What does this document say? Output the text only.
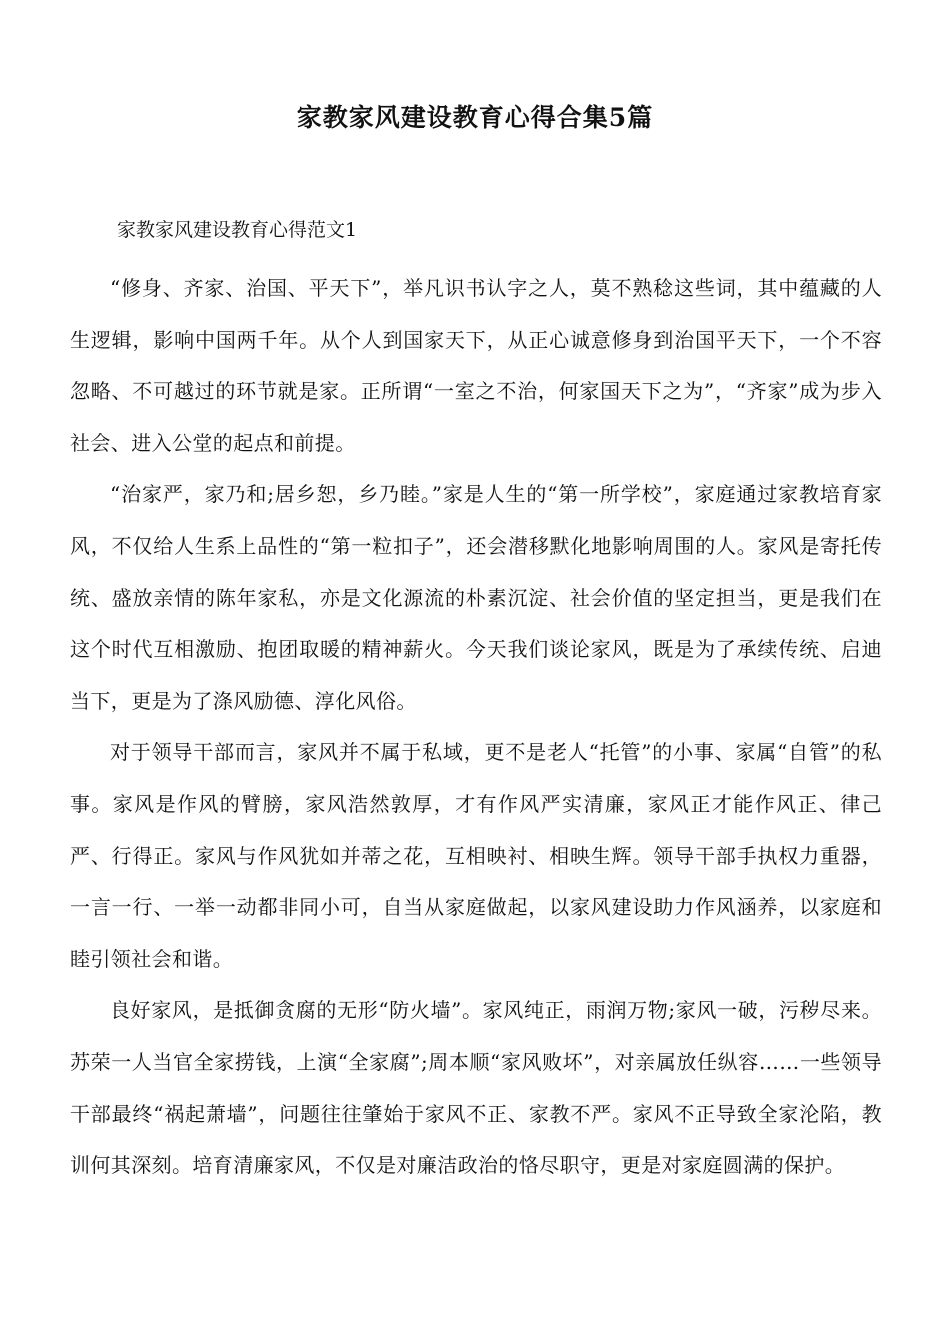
家教家风建设教育心得合集5篇

家教家风建设教育心得范文1

“修身、齐家、治国、平天下”，举凡识书认字之人，莫不熟稔这些词，其中蕴藏的人生逻辑，影响中国两千年。从个人到国家天下，从正心诚意修身到治国平天下，一个不容忽略、不可越过的环节就是家。正所谓“一室之不治，何家国天下之为”，“齐家”成为步入社会、进入公堂的起点和前提。

“治家严，家乃和;居乡恕，乡乃睦。”家是人生的“第一所学校”，家庭通过家教培育家风，不仅给人生系上品性的“第一粒扣子”，还会潜移默化地影响周围的人。家风是寄托传统、盛放亲情的陈年家私，亦是文化源流的朴素沉淀、社会价值的坚定担当，更是我们在这个时代互相激励、抱团取暖的精神薪火。今天我们谈论家风，既是为了承续传统、启迪当下，更是为了涤风励德、淳化风俗。

对于领导干部而言，家风并不属于私域，更不是老人“托管”的小事、家属“自管”的私事。家风是作风的臂膀，家风浩然敦厚，才有作风严实清廉，家风正才能作风正、律己严、行得正。家风与作风犹如并蒂之花，互相映衬、相映生辉。领导干部手执权力重器，一言一行、一举一动都非同小可，自当从家庭做起，以家风建设助力作风涵养，以家庭和睦引领社会和谐。

良好家风，是抵御贪腐的无形“防火墙”。家风纯正，雨润万物;家风一破，污秽尽来。苏荣一人当官全家捞钱，上演“全家腐”;周本顺“家风败坏”，对亲属放任纵容……一些领导干部最终“祸起萧墙”，问题往往肇始于家风不正、家教不严。家风不正导致全家沦陷，教训何其深刻。培育清廉家风，不仅是对廉洁政治的恪尽职守，更是对家庭圆满的保护。
